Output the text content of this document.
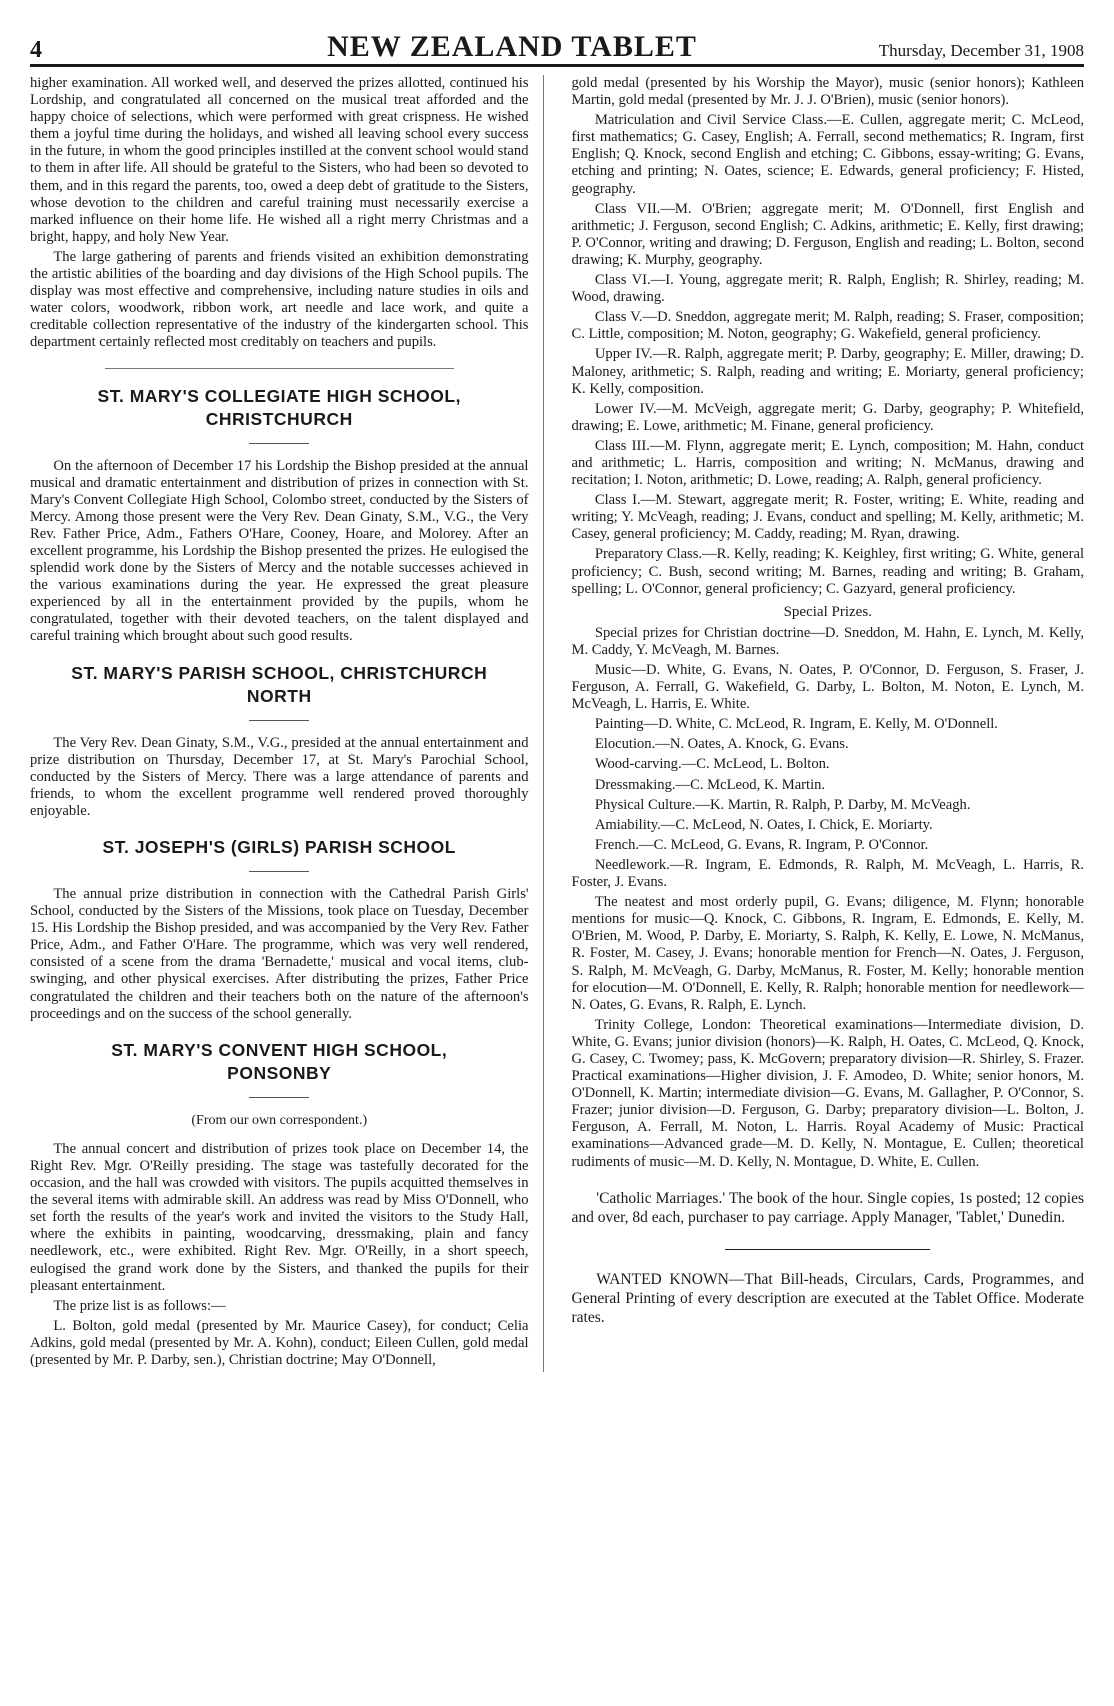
4	NEW ZEALAND TABLET	Thursday, December 31, 1908

higher examination. All worked well, and deserved the prizes allotted, continued his Lordship, and congratulated all concerned on the musical treat afforded and the happy choice of selections, which were performed with great crispness. He wished them a joyful time during the holidays, and wished all leaving school every success in the future, in whom the good principles instilled at the convent school would stand to them in after life. All should be grateful to the Sisters, who had been so devoted to them, and in this regard the parents, too, owed a deep debt of gratitude to the Sisters, whose devotion to the children and careful training must necessarily exercise a marked influence on their home life. He wished all a right merry Christmas and a bright, happy, and holy New Year.

The large gathering of parents and friends visited an exhibition demonstrating the artistic abilities of the boarding and day divisions of the High School pupils. The display was most effective and comprehensive, including nature studies in oils and water colors, woodwork, ribbon work, art needle and lace work, and quite a creditable collection representative of the industry of the kindergarten school. This department certainly reflected most creditably on teachers and pupils.

ST. MARY'S COLLEGIATE HIGH SCHOOL,
CHRISTCHURCH

On the afternoon of December 17 his Lordship the Bishop presided at the annual musical and dramatic entertainment and distribution of prizes in connection with St. Mary's Convent Collegiate High School, Colombo street, conducted by the Sisters of Mercy. Among those present were the Very Rev. Dean Ginaty, S.M., V.G., the Very Rev. Father Price, Adm., Fathers O'Hare, Cooney, Hoare, and Molorey. After an excellent programme, his Lordship the Bishop presented the prizes. He eulogised the splendid work done by the Sisters of Mercy and the notable successes achieved in the various examinations during the year. He expressed the great pleasure experienced by all in the entertainment provided by the pupils, whom he congratulated, together with their devoted teachers, on the talent displayed and careful training which brought about such good results.

ST. MARY'S PARISH SCHOOL, CHRISTCHURCH
NORTH

The Very Rev. Dean Ginaty, S.M., V.G., presided at the annual entertainment and prize distribution on Thursday, December 17, at St. Mary's Parochial School, conducted by the Sisters of Mercy. There was a large attendance of parents and friends, to whom the excellent programme well rendered proved thoroughly enjoyable.

ST. JOSEPH'S (GIRLS) PARISH SCHOOL

The annual prize distribution in connection with the Cathedral Parish Girls' School, conducted by the Sisters of the Missions, took place on Tuesday, December 15. His Lordship the Bishop presided, and was accompanied by the Very Rev. Father Price, Adm., and Father O'Hare. The programme, which was very well rendered, consisted of a scene from the drama 'Bernadette,' musical and vocal items, club-swinging, and other physical exercises. After distributing the prizes, Father Price congratulated the children and their teachers both on the nature of the afternoon's proceedings and on the success of the school generally.

ST. MARY'S CONVENT HIGH SCHOOL,
PONSONBY

(From our own correspondent.)

The annual concert and distribution of prizes took place on December 14, the Right Rev. Mgr. O'Reilly presiding. The stage was tastefully decorated for the occasion, and the hall was crowded with visitors. The pupils acquitted themselves in the several items with admirable skill. An address was read by Miss O'Donnell, who set forth the results of the year's work and invited the visitors to the Study Hall, where the exhibits in painting, woodcarving, dressmaking, plain and fancy needlework, etc., were exhibited. Right Rev. Mgr. O'Reilly, in a short speech, eulogised the grand work done by the Sisters, and thanked the pupils for their pleasant entertainment.

The prize list is as follows:—

L. Bolton, gold medal (presented by Mr. Maurice Casey), for conduct; Celia Adkins, gold medal (presented by Mr. A. Kohn), conduct; Eileen Cullen, gold medal (presented by Mr. P. Darby, sen.), Christian doctrine; May O'Donnell,

gold medal (presented by his Worship the Mayor), music (senior honors); Kathleen Martin, gold medal (presented by Mr. J. J. O'Brien), music (senior honors).

Matriculation and Civil Service Class.—E. Cullen, aggregate merit; C. McLeod, first mathematics; G. Casey, English; A. Ferrall, second methematics; R. Ingram, first English; Q. Knock, second English and etching; C. Gibbons, essay-writing; G. Evans, etching and printing; N. Oates, science; E. Edwards, general proficiency; F. Histed, geography.

Class VII.—M. O'Brien; aggregate merit; M. O'Donnell, first English and arithmetic; J. Ferguson, second English; C. Adkins, arithmetic; E. Kelly, first drawing; P. O'Connor, writing and drawing; D. Ferguson, English and reading; L. Bolton, second drawing; K. Murphy, geography.

Class VI.—I. Young, aggregate merit; R. Ralph, English; R. Shirley, reading; M. Wood, drawing.

Class V.—D. Sneddon, aggregate merit; M. Ralph, reading; S. Fraser, composition; C. Little, composition; M. Noton, geography; G. Wakefield, general proficiency.

Upper IV.—R. Ralph, aggregate merit; P. Darby, geography; E. Miller, drawing; D. Maloney, arithmetic; S. Ralph, reading and writing; E. Moriarty, general proficiency; K. Kelly, composition.

Lower IV.—M. McVeigh, aggregate merit; G. Darby, geography; P. Whitefield, drawing; E. Lowe, arithmetic; M. Finane, general proficiency.

Class III.—M. Flynn, aggregate merit; E. Lynch, composition; M. Hahn, conduct and arithmetic; L. Harris, composition and writing; N. McManus, drawing and recitation; I. Noton, arithmetic; D. Lowe, reading; A. Ralph, general proficiency.

Class I.—M. Stewart, aggregate merit; R. Foster, writing; E. White, reading and writing; Y. McVeagh, reading; J. Evans, conduct and spelling; M. Kelly, arithmetic; M. Casey, general proficiency; M. Caddy, reading; M. Ryan, drawing.

Preparatory Class.—R. Kelly, reading; K. Keighley, first writing; G. White, general proficiency; C. Bush, second writing; M. Barnes, reading and writing; B. Graham, spelling; L. O'Connor, general proficiency; C. Gazyard, general proficiency.

Special Prizes.

Special prizes for Christian doctrine—D. Sneddon, M. Hahn, E. Lynch, M. Kelly, M. Caddy, Y. McVeagh, M. Barnes.

Music—D. White, G. Evans, N. Oates, P. O'Connor, D. Ferguson, S. Fraser, J. Ferguson, A. Ferrall, G. Wakefield, G. Darby, L. Bolton, M. Noton, E. Lynch, M. McVeagh, L. Harris, E. White.

Painting—D. White, C. McLeod, R. Ingram, E. Kelly, M. O'Donnell.

Elocution.—N. Oates, A. Knock, G. Evans.

Wood-carving.—C. McLeod, L. Bolton.

Dressmaking.—C. McLeod, K. Martin.

Physical Culture.—K. Martin, R. Ralph, P. Darby, M. McVeagh.

Amiability.—C. McLeod, N. Oates, I. Chick, E. Moriarty.

French.—C. McLeod, G. Evans, R. Ingram, P. O'Connor.

Needlework.—R. Ingram, E. Edmonds, R. Ralph, M. McVeagh, L. Harris, R. Foster, J. Evans.

The neatest and most orderly pupil, G. Evans; diligence, M. Flynn; honorable mentions for music—Q. Knock, C. Gibbons, R. Ingram, E. Edmonds, E. Kelly, M. O'Brien, M. Wood, P. Darby, E. Moriarty, S. Ralph, K. Kelly, E. Lowe, N. McManus, R. Foster, M. Casey, J. Evans; honorable mention for French—N. Oates, J. Ferguson, S. Ralph, M. McVeagh, G. Darby, McManus, R. Foster, M. Kelly; honorable mention for elocution—M. O'Donnell, E. Kelly, R. Ralph; honorable mention for needlework—N. Oates, G. Evans, R. Ralph, E. Lynch.

Trinity College, London: Theoretical examinations—Intermediate division, D. White, G. Evans; junior division (honors)—K. Ralph, H. Oates, C. McLeod, Q. Knock, G. Casey, C. Twomey; pass, K. McGovern; preparatory division—R. Shirley, S. Frazer. Practical examinations—Higher division, J. F. Amodeo, D. White; senior honors, M. O'Donnell, K. Martin; intermediate division—G. Evans, M. Gallagher, P. O'Connor, S. Frazer; junior division—D. Ferguson, G. Darby; preparatory division—L. Bolton, J. Ferguson, A. Ferrall, M. Noton, L. Harris. Royal Academy of Music: Practical examinations—Advanced grade—M. D. Kelly, N. Montague, E. Cullen; theoretical rudiments of music—M. D. Kelly, N. Montague, D. White, E. Cullen.

'Catholic Marriages.' The book of the hour. Single copies, 1s posted; 12 copies and over, 8d each, purchaser to pay carriage. Apply Manager, 'Tablet,' Dunedin.

WANTED KNOWN—That Bill-heads, Circulars, Cards, Programmes, and General Printing of every description are executed at the Tablet Office. Moderate rates.
